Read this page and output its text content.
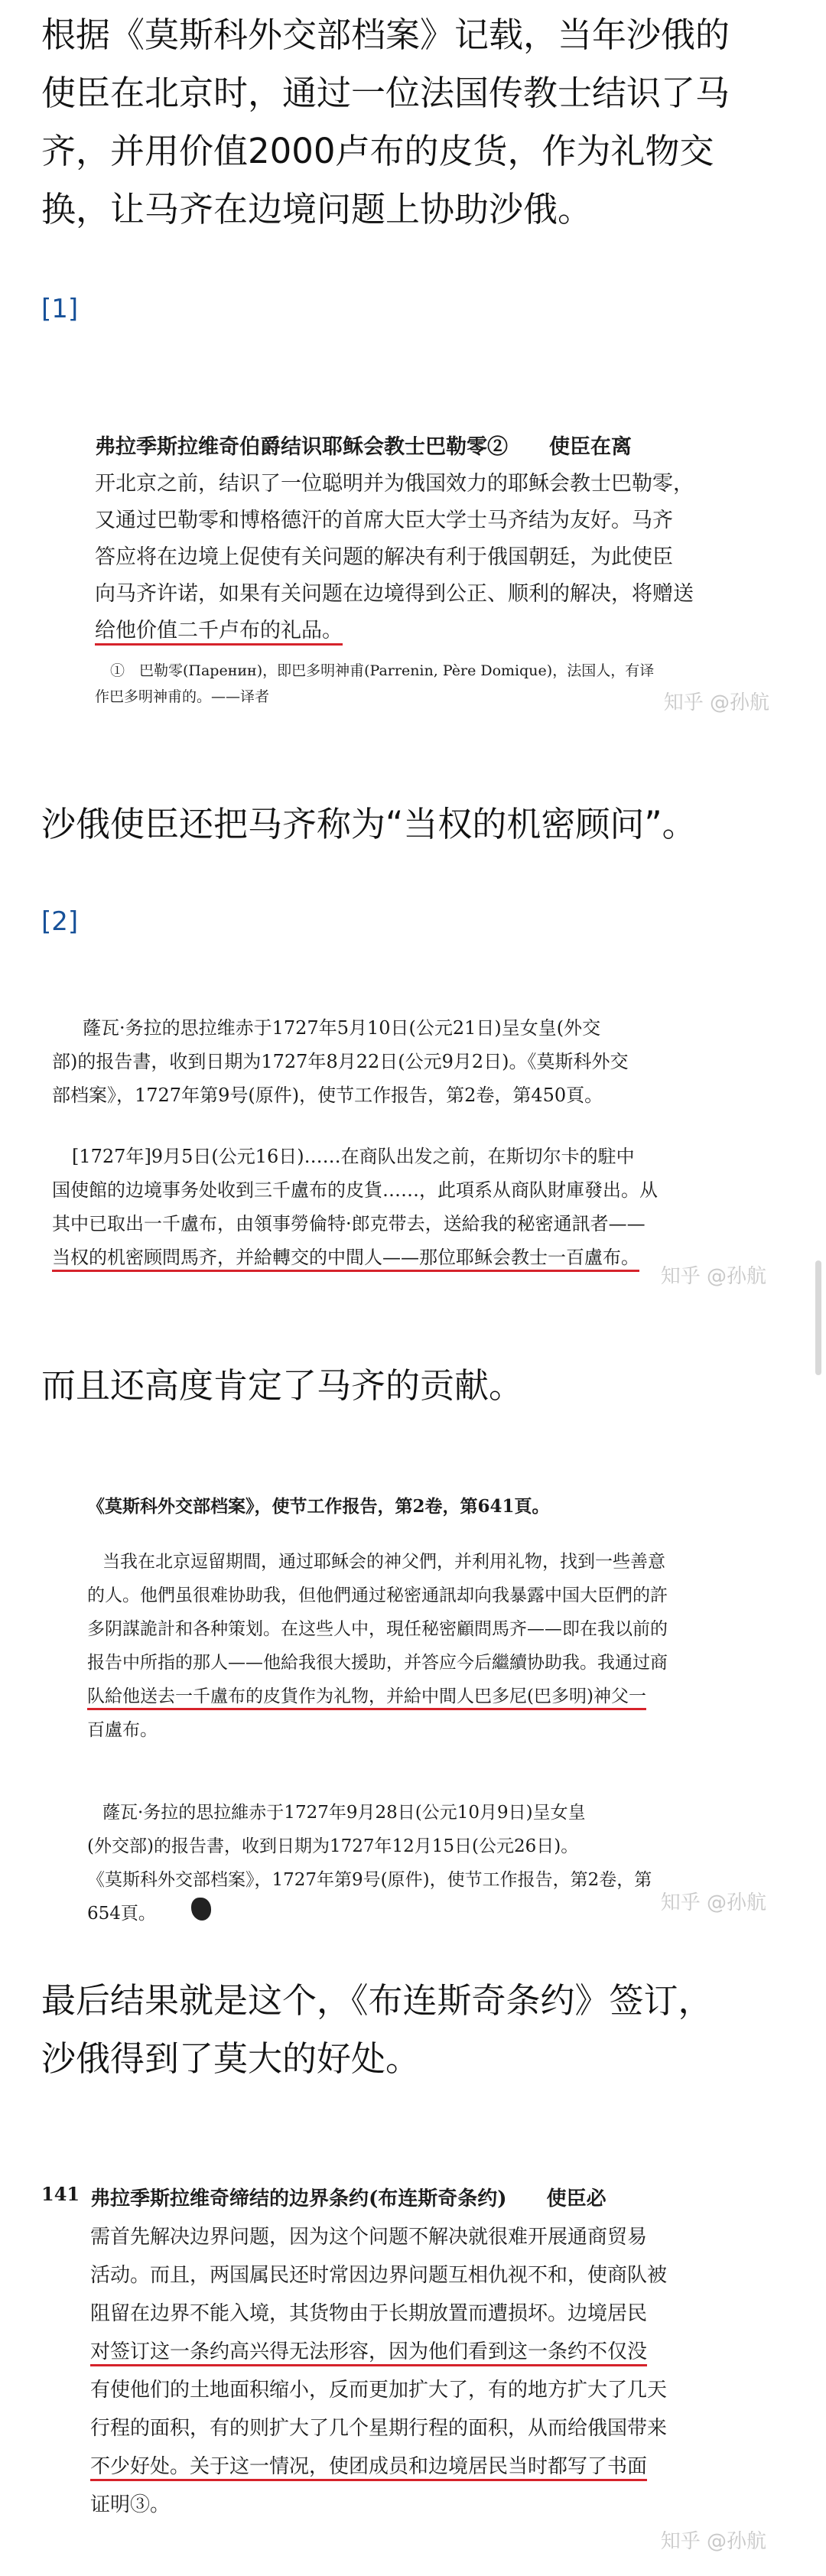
根据《莫斯科外交部档案》记载，当年沙俄的
使臣在北京时，通过一位法国传教士结识了马
齐，并用价值2000卢布的皮货，作为礼物交
换，让马齐在边境问题上协助沙俄。
[1]
弗拉季斯拉维奇伯爵结识耶稣会教士巴勒零②　　使臣在离
开北京之前，结识了一位聪明并为俄国效力的耶稣会教士巴勒零，
又通过巴勒零和博格德汗的首席大臣大学士马齐结为友好。马齐
答应将在边境上促使有关问题的解决有利于俄国朝廷，为此使臣
向马齐许诺，如果有关问题在边境得到公正、顺利的解决，将赠送
给他价值二千卢布的礼品。
①　巴勒零(Паренин)，即巴多明神甫(Parrenin, Père Domique)，法国人，有译
作巴多明神甫的。——译者	知乎 @孙航
沙俄使臣还把马齐称为“当权的机密顾问”。
[2]
蕯瓦·务拉的思拉维赤于1727年5月10日(公元21日)呈女皇(外交
部)的报告書，收到日期为1727年8月22日(公元9月2日)。《莫斯科外交
部档案》，1727年第9号(原件)，使节工作报告，第2卷，第450頁。
[1727年]9月5日(公元16日)……在商队出发之前，在斯切尔卡的駐中
国使館的边境事务处收到三千盧布的皮貨……，此項系从商队財庫發出。从
其中已取出一千盧布，由領事勞倫特·郎克带去，送給我的秘密通訊者——
当权的机密顾問馬齐，并給轉交的中間人——那位耶稣会教士一百盧布。
知乎 @孙航
而且还高度肯定了马齐的贡献。
《莫斯科外交部档案》，使节工作报告，第2卷，第641頁。
当我在北京逗留期間，通过耶稣会的神父們，并利用礼物，找到一些善意
的人。他們虽很难协助我，但他們通过秘密通訊却向我暴露中国大臣們的許
多阴謀詭計和各种策划。在这些人中，現任秘密顧問馬齐——即在我以前的
报告中所指的那人——他給我很大援助，并答应今后繼續协助我。我通过商
队給他送去一千盧布的皮貨作为礼物，并給中間人巴多尼(巴多明)神父一
百盧布。
蕯瓦·务拉的思拉維赤于1727年9月28日(公元10月9日)呈女皇
(外交部)的报告書，收到日期为1727年12月15日(公元26日)。
《莫斯科外交部档案》，1727年第9号(原件)，使节工作报告，第2卷，第
654頁。	知乎 @孙航
最后结果就是这个，《布连斯奇条约》签订，
沙俄得到了莫大的好处。
弗拉季斯拉维奇缔结的边界条约(布连斯奇条约)　　使臣必
需首先解决边界问题，因为这个问题不解决就很难开展通商贸易
活动。而且，两国属民还时常因边界问题互相仇视不和，使商队被
阻留在边界不能入境，其货物由于长期放置而遭损坏。边境居民
对签订这一条约高兴得无法形容，因为他们看到这一条约不仅没
有使他们的土地面积缩小，反而更加扩大了，有的地方扩大了几天
行程的面积，有的则扩大了几个星期行程的面积，从而给俄国带来
不少好处。关于这一情况，使团成员和边境居民当时都写了书面
证明③。
141
知乎 @孙航
